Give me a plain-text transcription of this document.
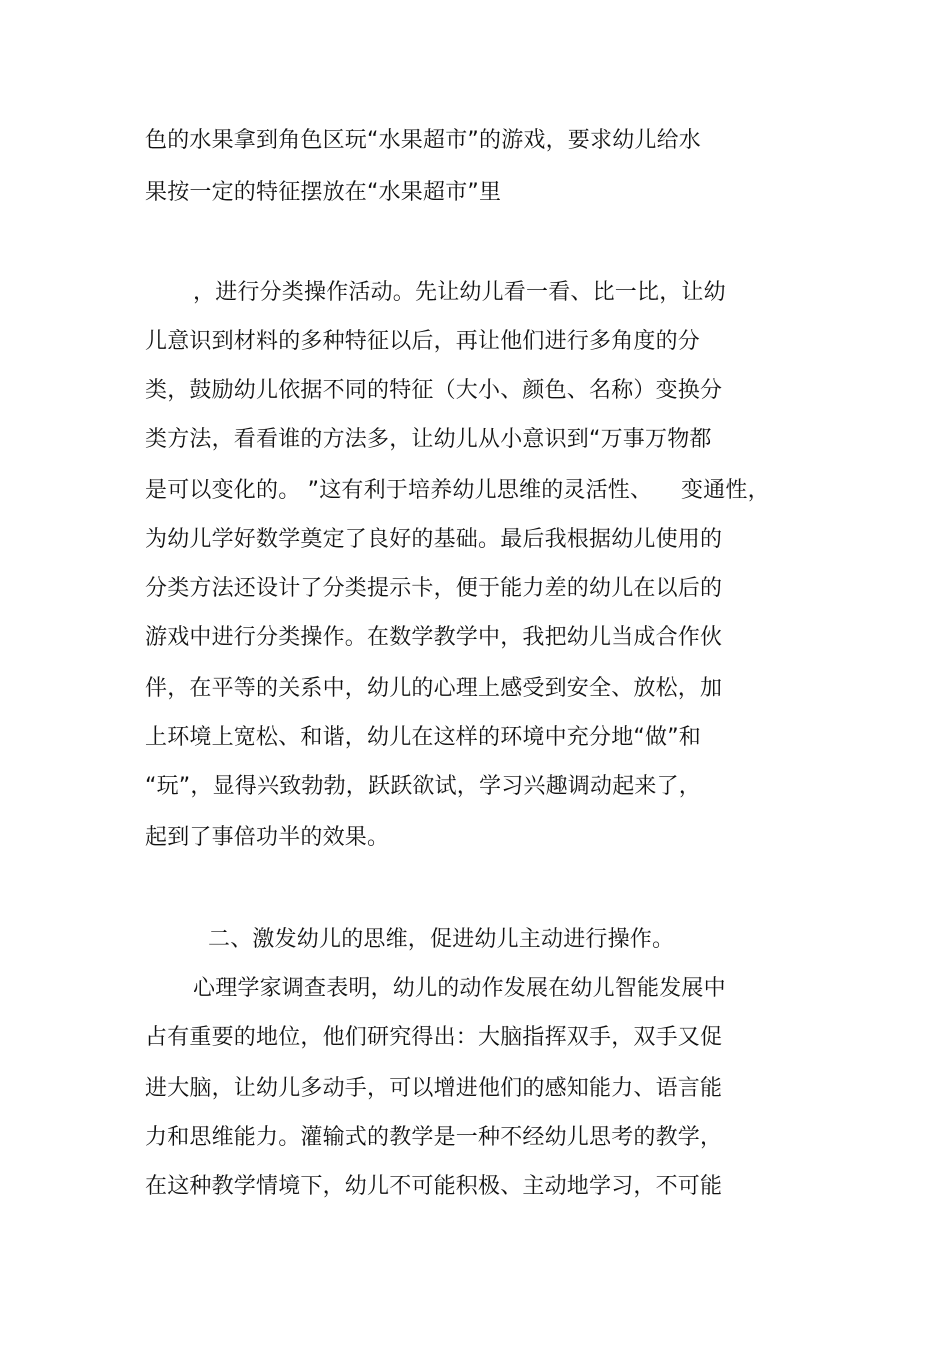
色的水果拿到角色区玩“水果超市”的游戏，要求幼儿给水
果按一定的特征摆放在“水果超市”里
，进行分类操作活动。先让幼儿看一看、比一比，让幼
儿意识到材料的多种特征以后，再让他们进行多角度的分
类，鼓励幼儿依据不同的特征（大小、颜色、名称）变换分
类方法，看看谁的方法多，让幼儿从小意识到“万事万物都
是可以变化的。 ”这有利于培养幼儿思维的灵活性、    变通性，
为幼儿学好数学奠定了良好的基础。最后我根据幼儿使用的
分类方法还设计了分类提示卡，便于能力差的幼儿在以后的
游戏中进行分类操作。在数学教学中，我把幼儿当成合作伙
伴，在平等的关系中，幼儿的心理上感受到安全、放松，加
上环境上宽松、和谐，幼儿在这样的环境中充分地“做”和
“玩”，显得兴致勃勃，跃跃欲试，学习兴趣调动起来了，
起到了事倍功半的效果。
二、激发幼儿的思维，促进幼儿主动进行操作。
心理学家调查表明，幼儿的动作发展在幼儿智能发展中
占有重要的地位，他们研究得出：大脑指挥双手，双手又促
进大脑，让幼儿多动手，可以增进他们的感知能力、语言能
力和思维能力。灌输式的教学是一种不经幼儿思考的教学，
在这种教学情境下，幼儿不可能积极、主动地学习，不可能
